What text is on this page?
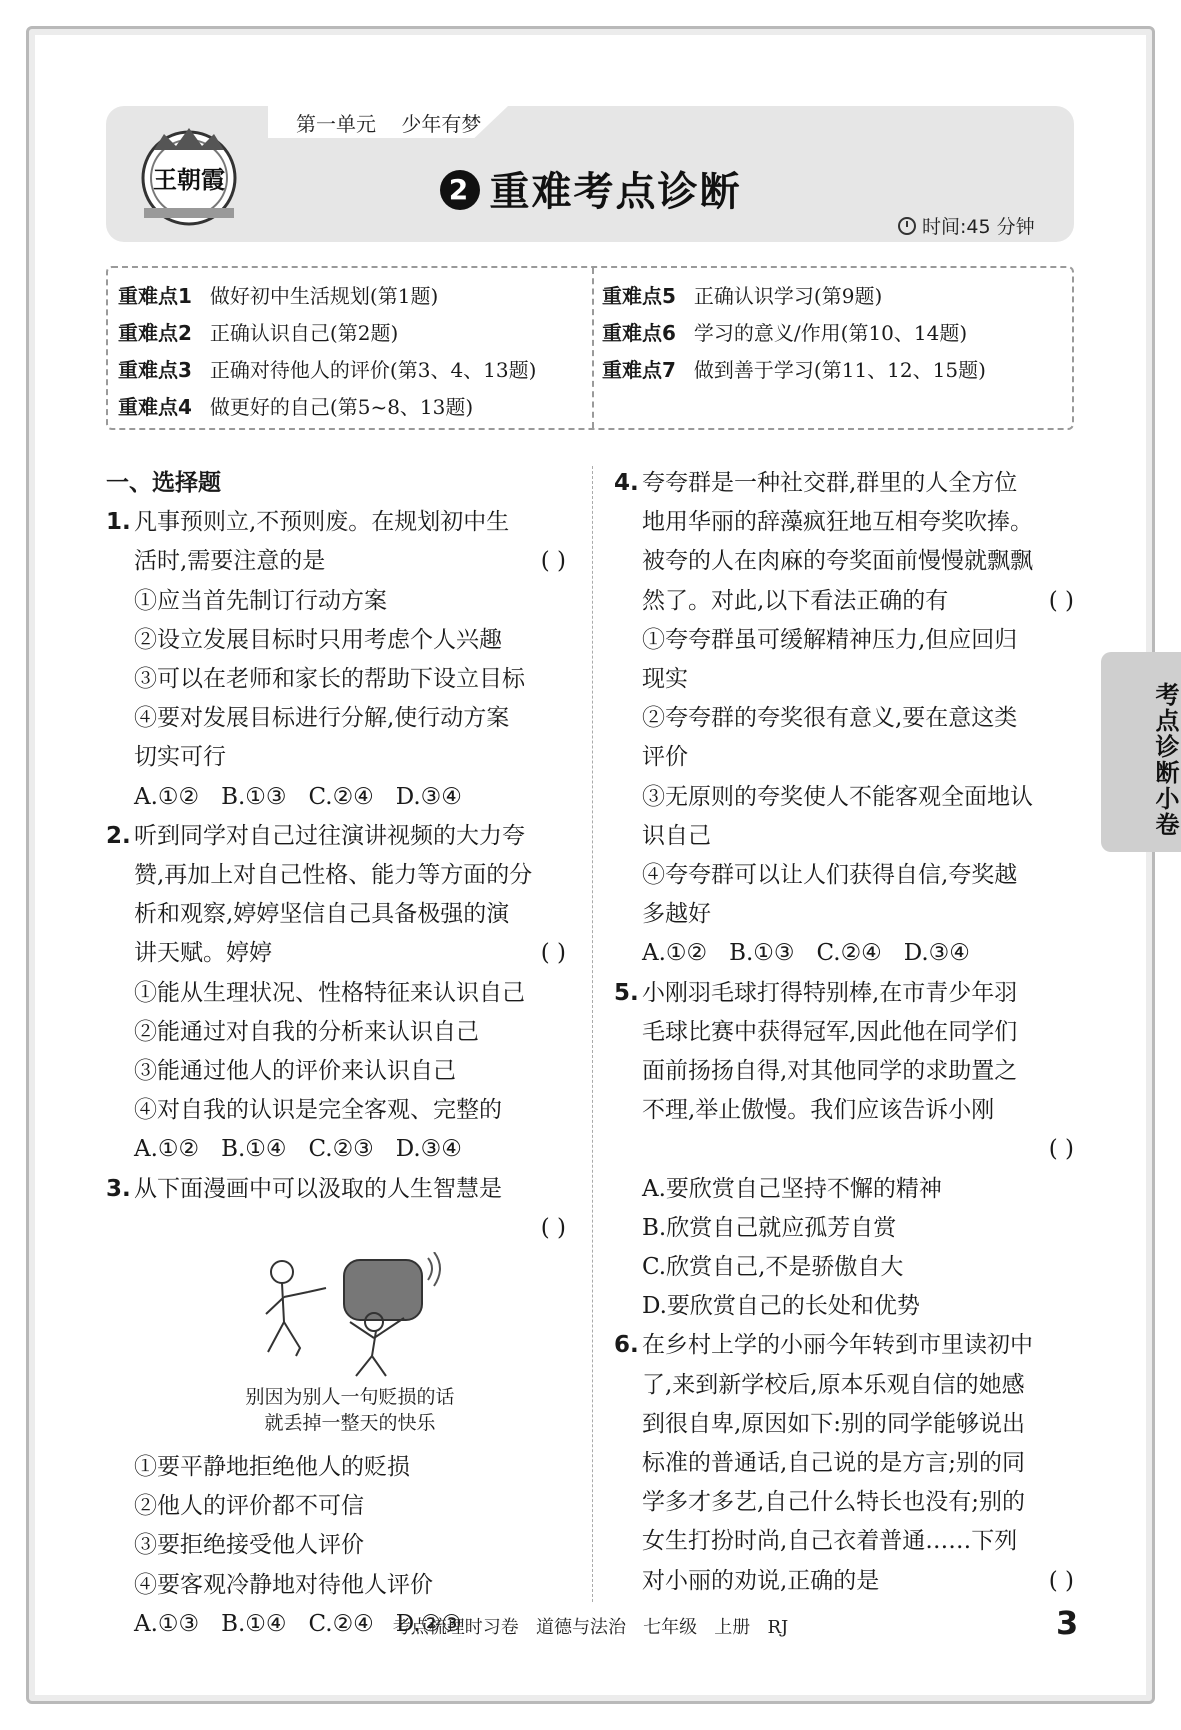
第一单元    少年有梦
王朝霞	2 重难考点诊断
时间:45 分钟
重难点1 做好初中生活规划(第1题)
重难点2 正确认识自己(第2题)
重难点3 正确对待他人的评价(第3、4、13题)
重难点4 做更好的自己(第5~8、13题)
重难点5 正确认识学习(第9题)
重难点6 学习的意义/作用(第10、14题)
重难点7 做到善于学习(第11、12、15题)
考点诊断小卷
一、选择题
1. 凡事预则立,不预则废。在规划初中生
活时,需要注意的是	( )
①应当首先制订行动方案
②设立发展目标时只用考虑个人兴趣
③可以在老师和家长的帮助下设立目标
④要对发展目标进行分解,使行动方案
切实可行
A.①②   B.①③   C.②④   D.③④
2. 听到同学对自己过往演讲视频的大力夸
赞,再加上对自己性格、能力等方面的分
析和观察,婷婷坚信自己具备极强的演
讲天赋。婷婷	( )
①能从生理状况、性格特征来认识自己
②能通过对自我的分析来认识自己
③能通过他人的评价来认识自己
④对自我的认识是完全客观、完整的
A.①②   B.①④   C.②③   D.③④
3. 从下面漫画中可以汲取的人生智慧是
( )
别因为别人一句贬损的话
就丢掉一整天的快乐
①要平静地拒绝他人的贬损
②他人的评价都不可信
③要拒绝接受他人评价
④要客观冷静地对待他人评价
A.①③   B.①④   C.②④   D.②③
4. 夸夸群是一种社交群,群里的人全方位
地用华丽的辞藻疯狂地互相夸奖吹捧。
被夸的人在肉麻的夸奖面前慢慢就飘飘
然了。对此,以下看法正确的有	( )
①夸夸群虽可缓解精神压力,但应回归
现实
②夸夸群的夸奖很有意义,要在意这类
评价
③无原则的夸奖使人不能客观全面地认
识自己
④夸夸群可以让人们获得自信,夸奖越
多越好
A.①②   B.①③   C.②④   D.③④
5. 小刚羽毛球打得特别棒,在市青少年羽
毛球比赛中获得冠军,因此他在同学们
面前扬扬自得,对其他同学的求助置之
不理,举止傲慢。我们应该告诉小刚
( )
A.要欣赏自己坚持不懈的精神
B.欣赏自己就应孤芳自赏
C.欣赏自己,不是骄傲自大
D.要欣赏自己的长处和优势
6. 在乡村上学的小丽今年转到市里读初中
了,来到新学校后,原本乐观自信的她感
到很自卑,原因如下:别的同学能够说出
标准的普通话,自己说的是方言;别的同
学多才多艺,自己什么特长也没有;别的
女生打扮时尚,自己衣着普通……下列
对小丽的劝说,正确的是	( )
考点梳理时习卷   道德与法治   七年级   上册   RJ	3
